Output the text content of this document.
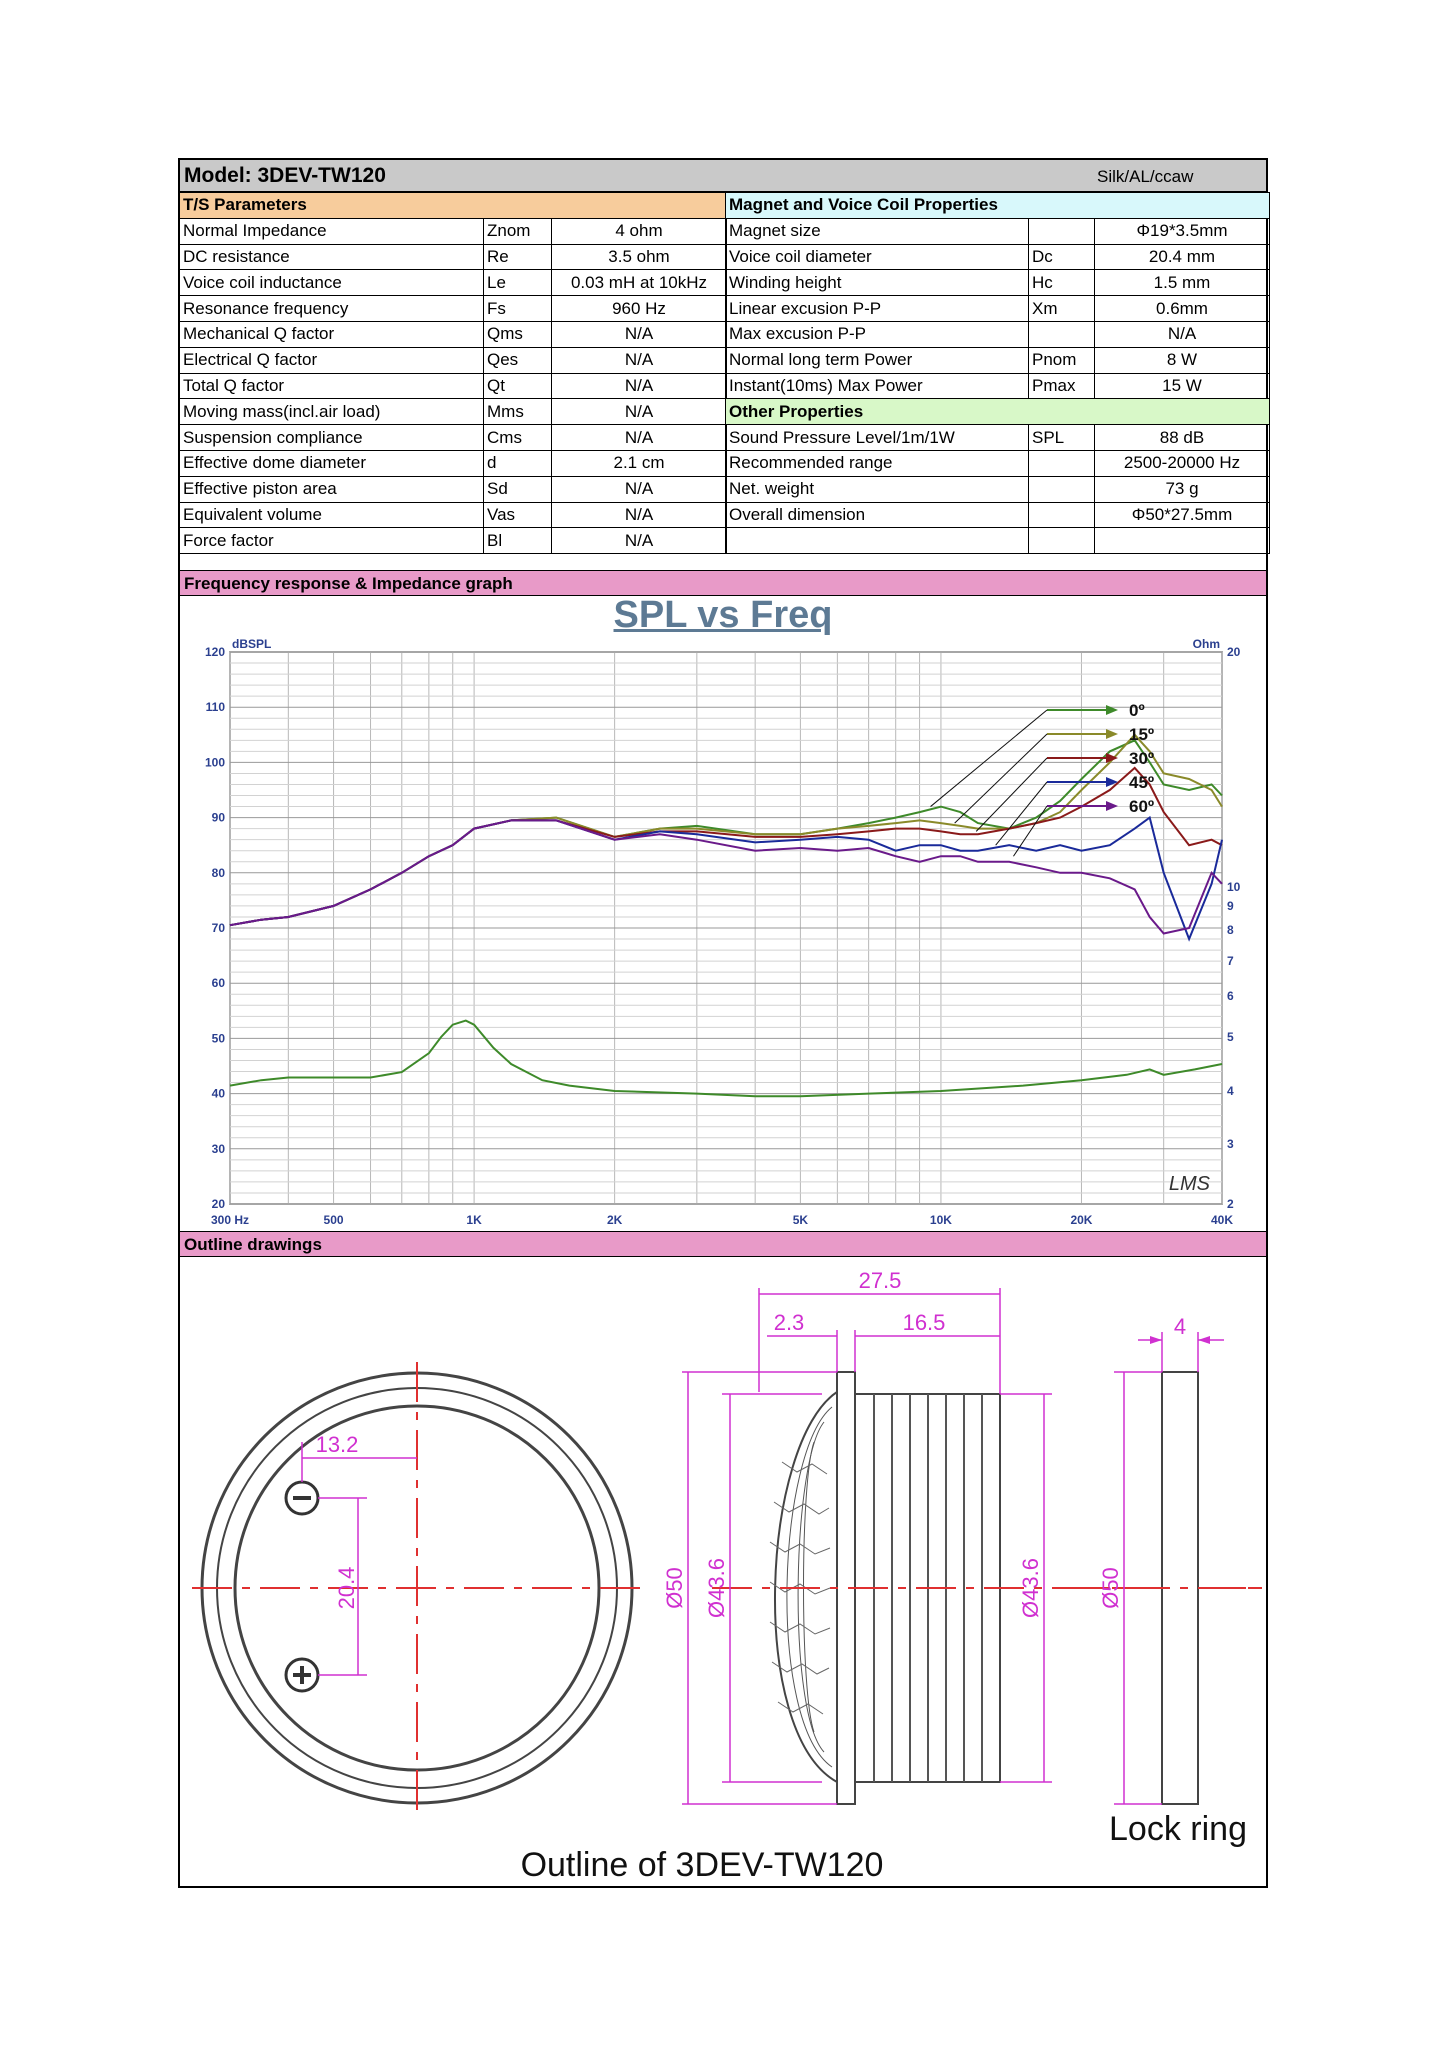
Model: 3DEV-TW120	Silk/AL/ccaw
T/S Parameters		
Normal Impedance	Znom	4 ohm
DC resistance	Re	3.5 ohm
Voice coil inductance	Le	0.03 mH at 10kHz
Resonance frequency	Fs	960 Hz
Mechanical Q factor	Qms	N/A
Electrical Q factor	Qes	N/A
Total Q factor	Qt	N/A
Moving mass(incl.air load)	Mms	N/A
Suspension compliance	Cms	N/A
Effective dome diameter	d	2.1 cm
Effective piston area	Sd	N/A
Equivalent volume	Vas	N/A
Force factor	Bl	N/A
Magnet and Voice Coil Properties		
Magnet size		Φ19*3.5mm
Voice coil diameter	Dc	20.4 mm
Winding height	Hc	1.5 mm
Linear excusion P-P	Xm	0.6mm
Max excusion P-P		N/A
Normal long term Power	Pnom	8 W
Instant(10ms) Max Power	Pmax	15 W
Other Properties		
Sound Pressure Level/1m/1W	SPL	88 dB
Recommended range		2500-20000 Hz
Net. weight		73 g
Overall dimension		Φ50*27.5mm

Frequency response & Impedance graph
SPL vs Freq
300 Hz	500	1K	2K	5K	10K	20K	40K
20
30
40
50
60
70
80
90
100
110
120	20
10
9
8
7
6
5
4
3
2
dBSPL	Ohm
LMS
0º
15º
30º
45º
60º
Outline drawings
13.2
20.4
27.5
2.3	16.5
Ø50 Ø43.6	Ø43.6
4
Ø50
Lock ring
Outline of 3DEV-TW120
